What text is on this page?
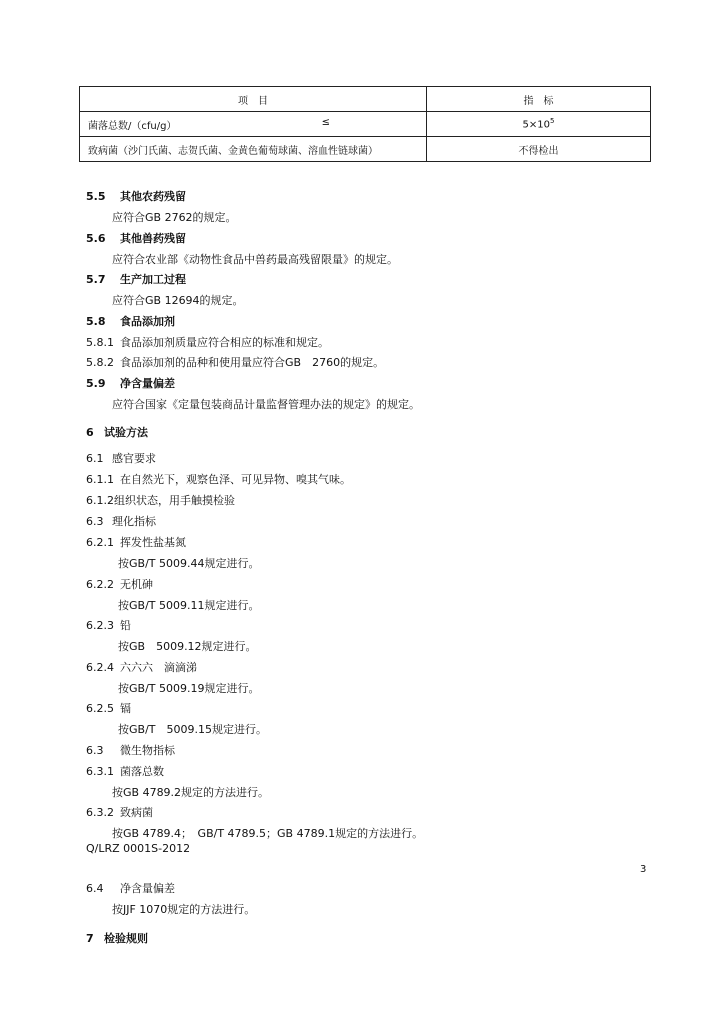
项　目	指　标

菌落总数/（cfu/g） ≤	$5\times 10^5$
致病菌（沙门氏菌、志贺氏菌、金黄色葡萄球菌、溶血性链球菌）	不得检出
5.5 其他农药残留
应符合GB 2762的规定。
5.6 其他兽药残留
应符合农业部《动物性食品中兽药最高残留限量》的规定。
5.7 生产加工过程
应符合GB 12694的规定。
5.8 食品添加剂
5.8.1 食品添加剂质量应符合相应的标准和规定。
5.8.2 食品添加剂的品种和使用量应符合GB　2760的规定。
5.9 净含量偏差
应符合国家《定量包装商品计量监督管理办法的规定》的规定。
6 试验方法
6.1 感官要求
6.1.1 在自然光下，观察色泽、可见异物、嗅其气味。
6.1.2组织状态，用手触摸检验
6.3 理化指标
6.2.1 挥发性盐基氮
按GB/T 5009.44规定进行。
6.2.2 无机砷
按GB/T 5009.11规定进行。
6.2.3 铅
按GB　5009.12规定进行。
6.2.4 六六六　滴滴涕
按GB/T 5009.19规定进行。
6.2.5 镉
按GB/T　5009.15规定进行。
6.3 微生物指标
6.3.1 菌落总数
按GB 4789.2规定的方法进行。
6.3.2 致病菌
按GB 4789.4；　GB/T 4789.5；GB 4789.1规定的方法进行。
Q/LRZ 0001S-2012
3
6.4 净含量偏差
按JJF 1070规定的方法进行。
7 检验规则
